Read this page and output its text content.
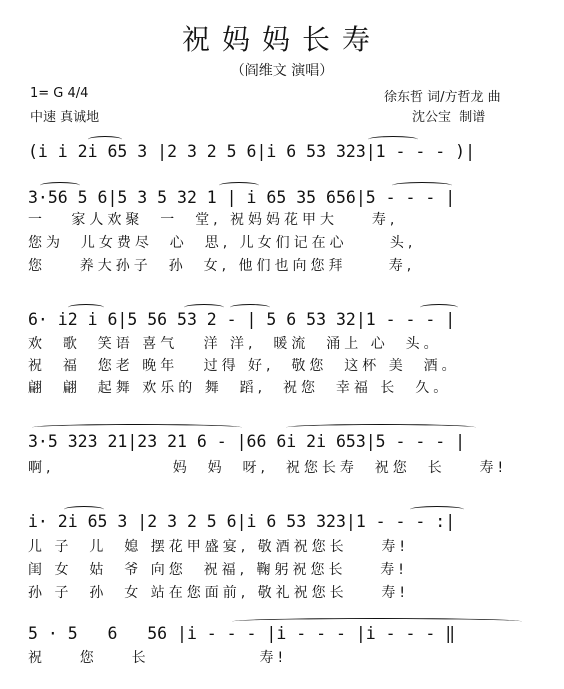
祝妈妈长寿
（阎维文 演唱）
1= G 4/4
中速 真诚地
徐东哲 词/方哲龙 曲
沈公宝  制谱
(i i 2i 65 3 |2 3 2 5 6|i 6 53 323|1 - - - )|
3·56 5 6|5 3 5 32 1 | i 65 35 656|5 - - - |
一   家人欢聚  一  堂, 祝妈妈花甲大    寿,
您为  儿女费尽  心  思, 儿女们记在心     头,
您    养大孙子  孙  女, 他们也向您拜     寿,
6· i2 i 6|5 56 53 2 - | 5 6 53 32|1 - - - |
欢  歌  笑语 喜气   洋 洋,  暖流  涌上 心  头。
祝  福  您老 晚年   过得 好,  敬您  这杯 美  酒。
翩  翩  起舞 欢乐的 舞  蹈,  祝您  幸福 长  久。
3·5 323 21|23 21 6 - |66 6i 2i 653|5 - - - |
啊,              妈  妈  呀,  祝您长寿  祝您  长    寿!
i· 2i 65 3 |2 3 2 5 6|i 6 53 323|1 - - - :|
儿 子  儿  媳 摆花甲盛宴, 敬酒祝您长    寿!
闺 女  姑  爷 向您  祝福, 鞠躬祝您长    寿!
孙 子  孙  女 站在您面前, 敬礼祝您长    寿!
5 · 5   6   56 |i - - - |i - - - |i - - - ‖
祝    您    长             寿!
